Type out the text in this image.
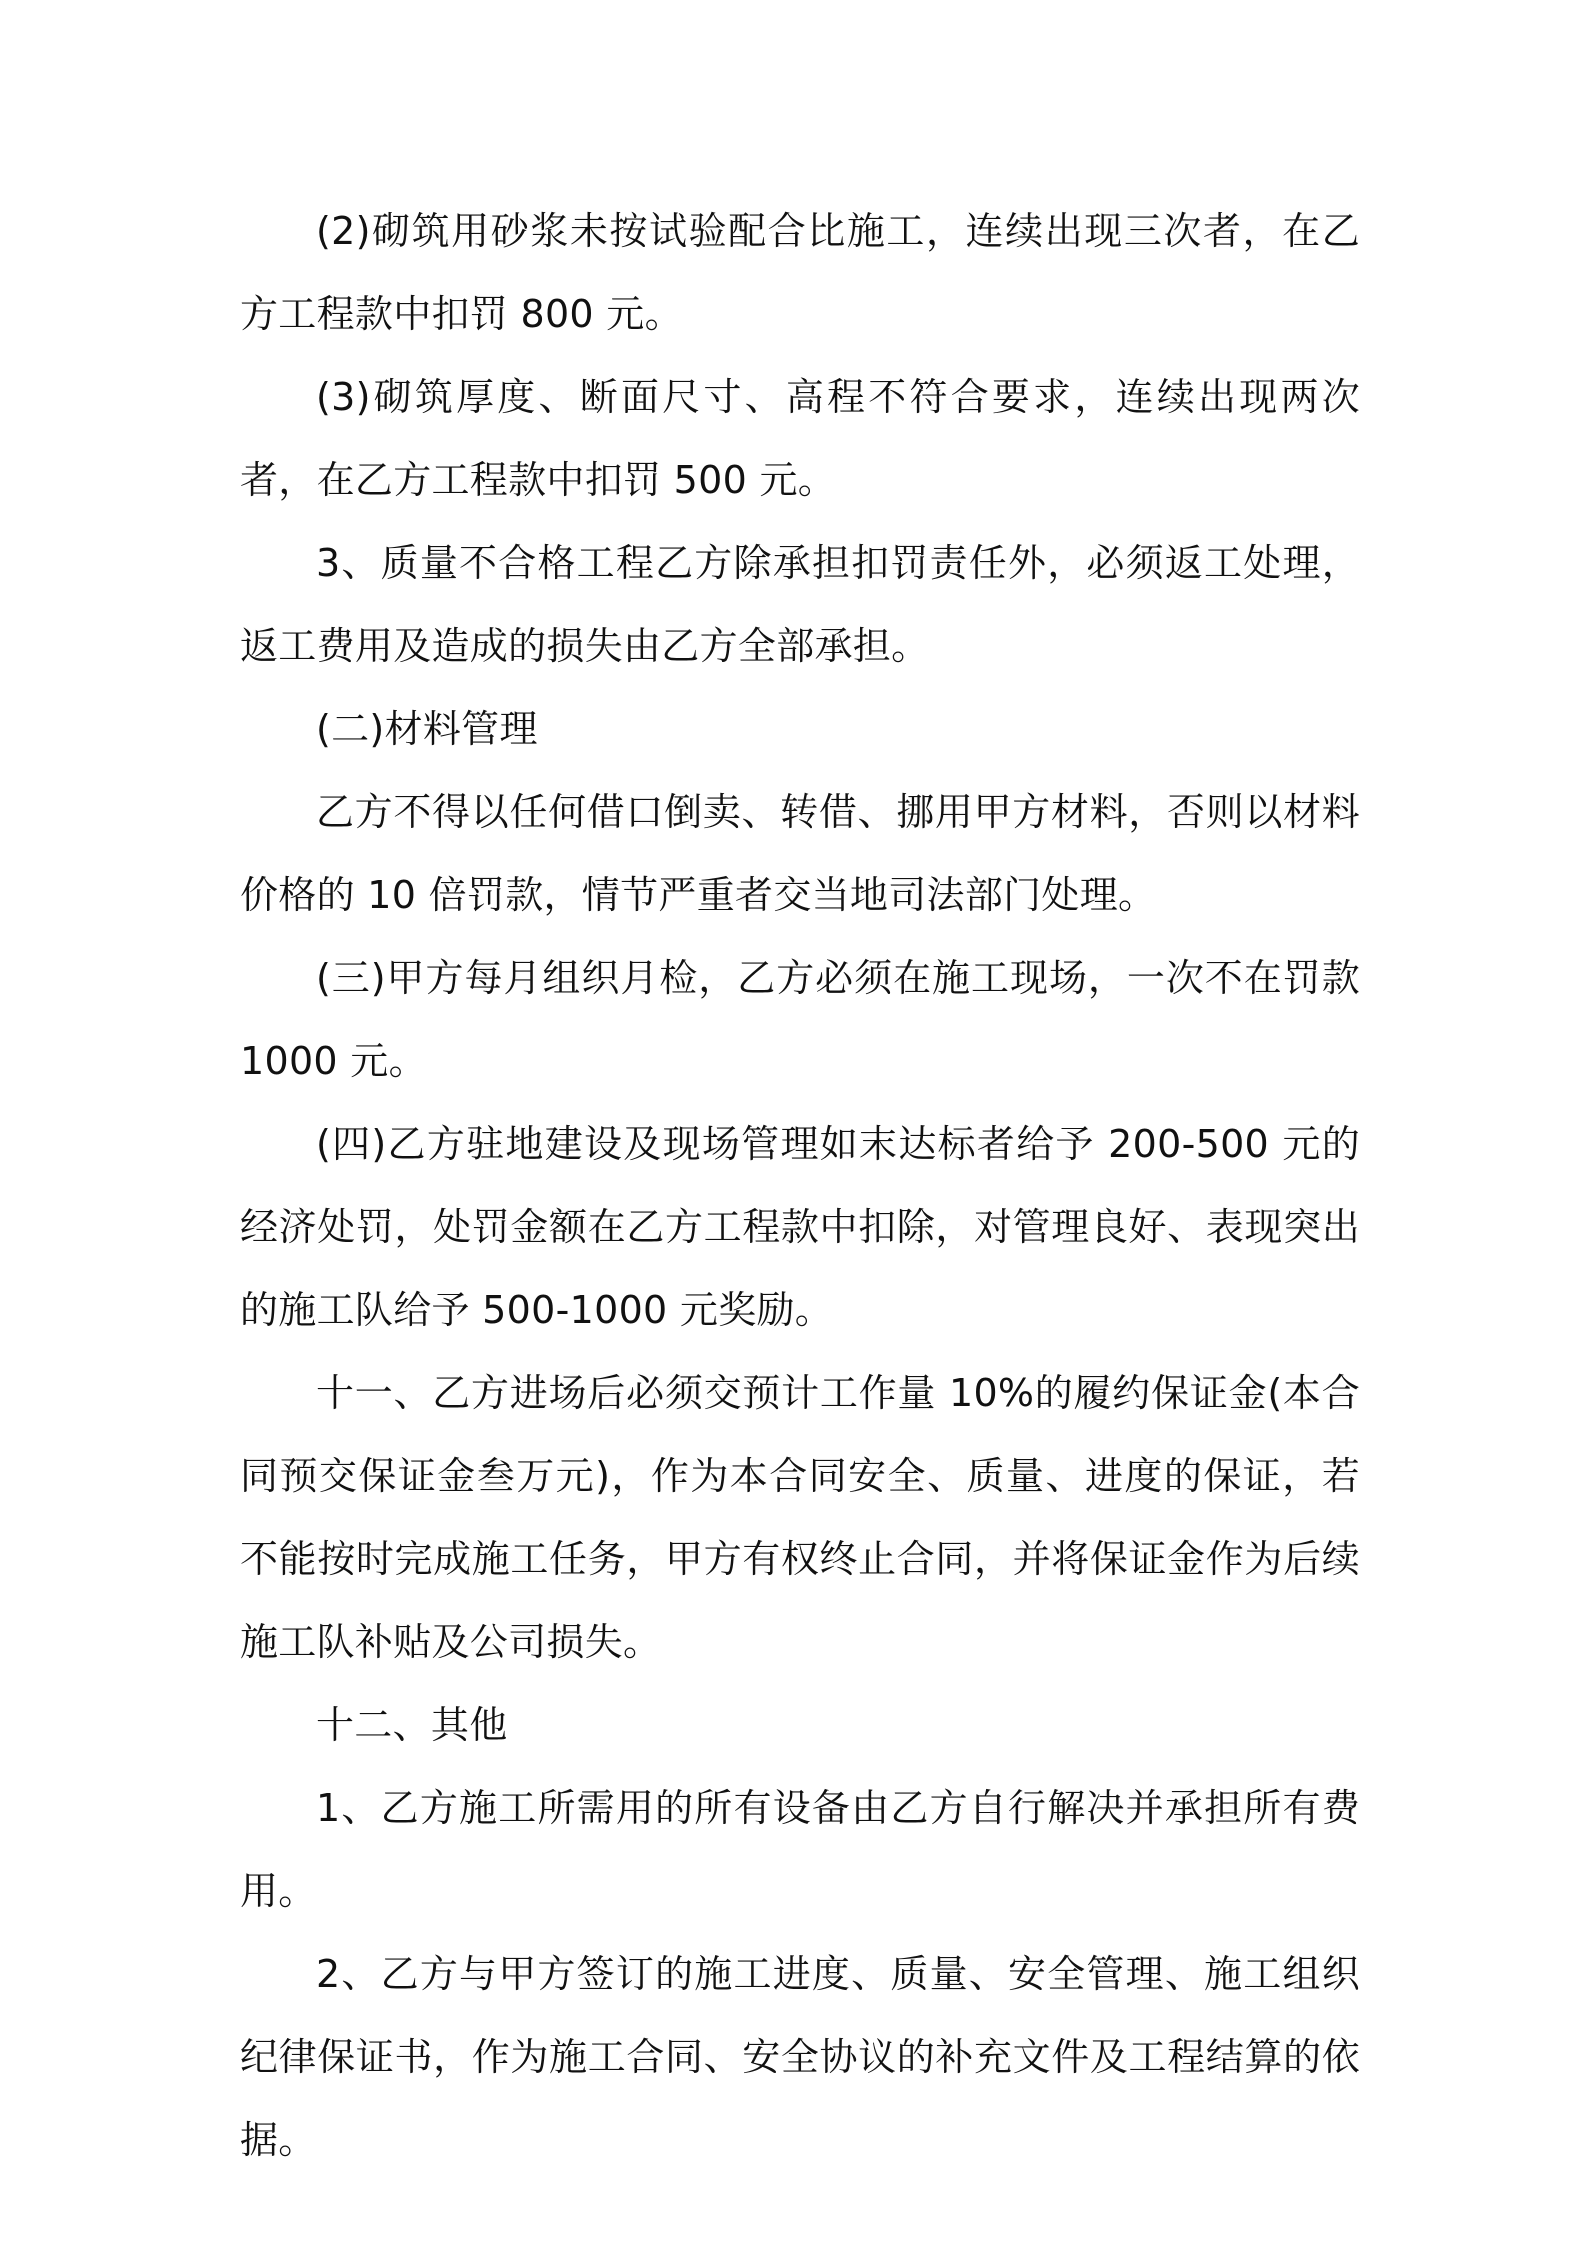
(2)砌筑用砂浆未按试验配合比施工，连续出现三次者，在乙方工程款中扣罚 800 元。

(3)砌筑厚度、断面尺寸、高程不符合要求，连续出现两次者，在乙方工程款中扣罚 500 元。

3、质量不合格工程乙方除承担扣罚责任外，必须返工处理，返工费用及造成的损失由乙方全部承担。

(二)材料管理

乙方不得以任何借口倒卖、转借、挪用甲方材料，否则以材料价格的 10 倍罚款，情节严重者交当地司法部门处理。

(三)甲方每月组织月检，乙方必须在施工现场，一次不在罚款 1000 元。

(四)乙方驻地建设及现场管理如末达标者给予 200-500 元的经济处罚，处罚金额在乙方工程款中扣除，对管理良好、表现突出的施工队给予 500-1000 元奖励。

十一、乙方进场后必须交预计工作量 10%的履约保证金(本合同预交保证金叁万元)，作为本合同安全、质量、进度的保证，若不能按时完成施工任务，甲方有权终止合同，并将保证金作为后续施工队补贴及公司损失。

十二、其他

1、乙方施工所需用的所有设备由乙方自行解决并承担所有费用。

2、乙方与甲方签订的施工进度、质量、安全管理、施工组织纪律保证书，作为施工合同、安全协议的补充文件及工程结算的依据。
